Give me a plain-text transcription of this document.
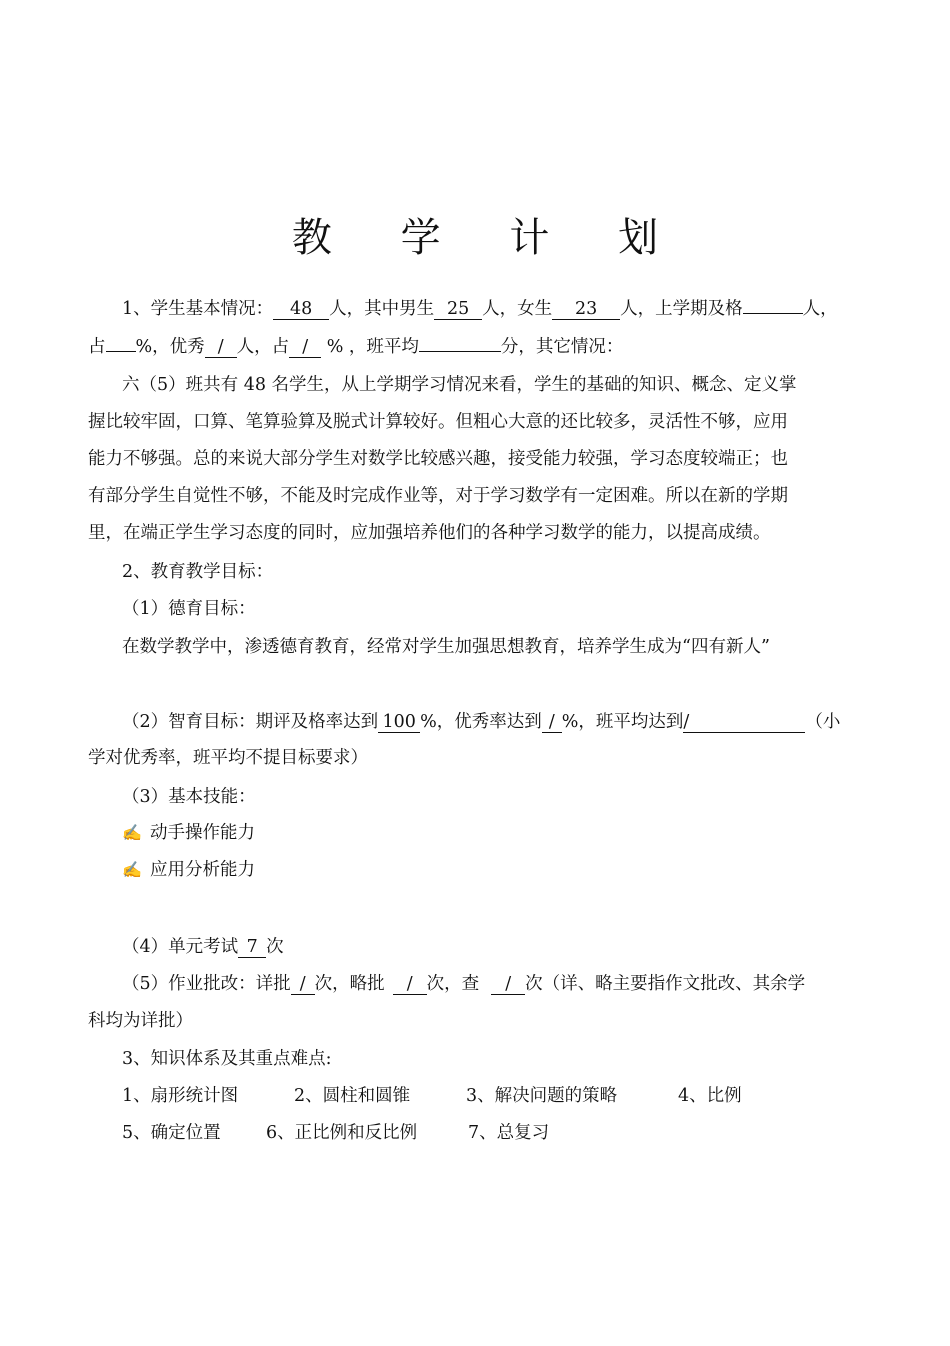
教 学 计 划
1、学生基本情况： 48 人，其中男生 25 人，女生 23 人，上学期及格	人，
占 %，优秀 / 人，占 / % ，班平均	分，其它情况：
六（5）班共有 48 名学生，从上学期学习情况来看，学生的基础的知识、概念、定义掌
握比较牢固，口算、笔算验算及脱式计算较好。但粗心大意的还比较多，灵活性不够，应用
能力不够强。总的来说大部分学生对数学比较感兴趣，接受能力较强，学习态度较端正；也
有部分学生自觉性不够，不能及时完成作业等，对于学习数学有一定困难。所以在新的学期
里，在端正学生学习态度的同时，应加强培养他们的各种学习数学的能力，以提高成绩。
2、教育教学目标：
（1）德育目标：
在数学教学中，渗透德育教育，经常对学生加强思想教育，培养学生成为“四有新人”
（2）智育目标：期评及格率达到 100 %，优秀率达到 / %，班平均达到/	（小
学对优秀率，班平均不提目标要求）
（3）基本技能：
✍ 动手操作能力
✍ 应用分析能力
（4）单元考试 7 次
（5）作业批改：详批 / 次，略批 / 次，查 / 次（详、略主要指作文批改、其余学
科均为详批）
3、知识体系及其重点难点:
1、扇形统计图	2、圆柱和圆锥	3、解决问题的策略	4、比例
5、确定位置	6、正比例和反比例	7、总复习
